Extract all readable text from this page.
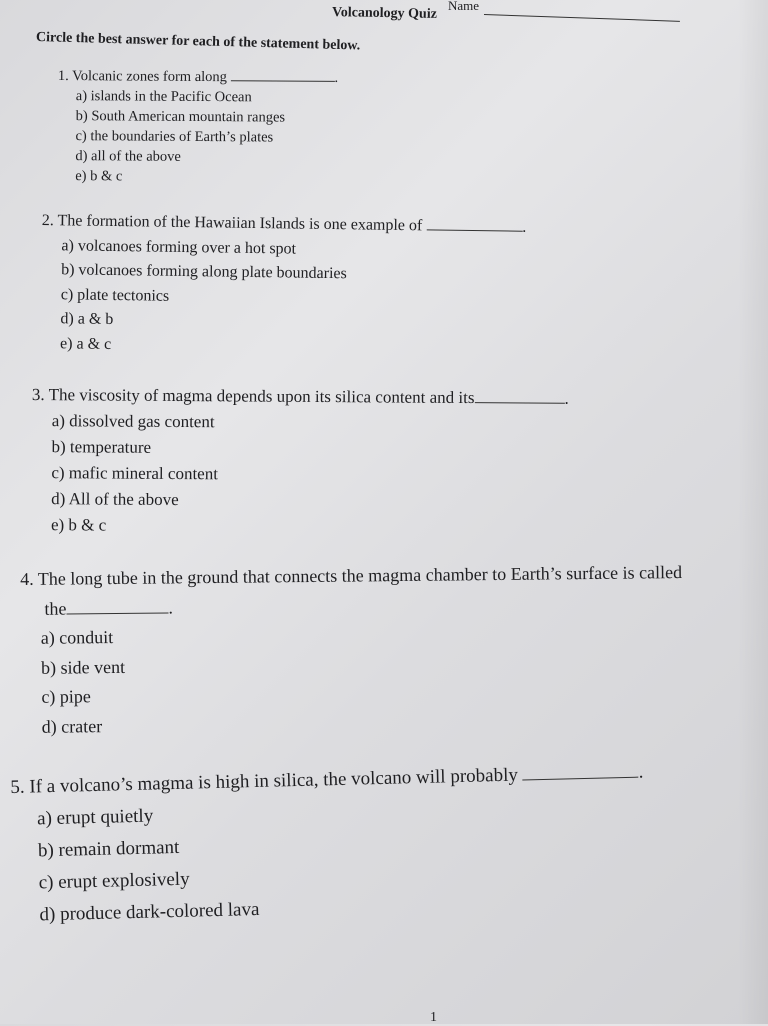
Name
Volcanology Quiz
Circle the best answer for each of the statement below.
1. Volcanic zones form along	.
a) islands in the Pacific Ocean
b) South American mountain ranges
c) the boundaries of Earth’s plates
d) all of the above
e) b & c
2. The formation of the Hawaiian Islands is one example of	.
a) volcanoes forming over a hot spot
b) volcanoes forming along plate boundaries
c) plate tectonics
d) a & b
e) a & c
3. The viscosity of magma depends upon its silica content and its	.
a) dissolved gas content
b) temperature
c) mafic mineral content
d) All of the above
e) b & c
4. The long tube in the ground that connects the magma chamber to Earth’s surface is called
the	.
a) conduit
b) side vent
c) pipe
d) crater
5. If a volcano’s magma is high in silica, the volcano will probably	.
a) erupt quietly
b) remain dormant
c) erupt explosively
d) produce dark-colored lava
1
